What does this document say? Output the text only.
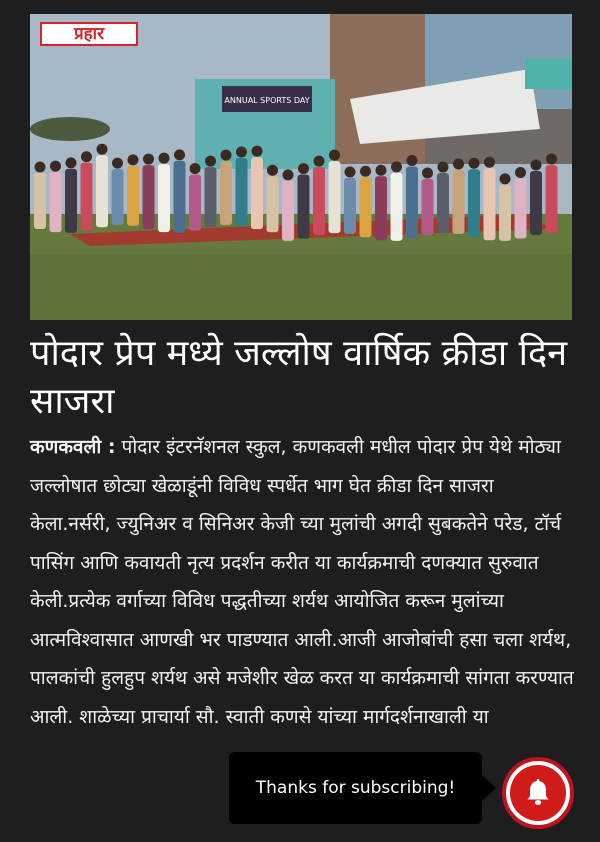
ANNUAL SPORTS DAY
प्रहार
पोदार प्रेप मध्ये जल्लोष वार्षिक क्रीडा दिन साजरा

कणकवली : पोदार इंटरनॅशनल स्कुल, कणकवली मधील पोदार प्रेप येथे मोठ्या जल्लोषात छोट्या खेळाडूंनी विविध स्पर्धेत भाग घेत क्रीडा दिन साजरा केला.नर्सरी, ज्युनिअर व सिनिअर केजी च्या मुलांची अगदी सुबकतेने परेड, टॉर्च पासिंग आणि कवायती नृत्य प्रदर्शन करीत या कार्यक्रमाची दणक्यात सुरुवात केली.प्रत्येक वर्गाच्या विविध पद्धतीच्या शर्यथ आयोजित करून मुलांच्या आत्मविश्वासात आणखी भर पाडण्यात आली.आजी आजोबांची हसा चला शर्यथ, पालकांची हुलहुप शर्यथ असे मजेशीर खेळ करत या कार्यक्रमाची सांगता करण्यात आली. शाळेच्या प्राचार्या सौ. स्वाती कणसे यांच्या मार्गदर्शनाखाली या

Thanks for subscribing!
